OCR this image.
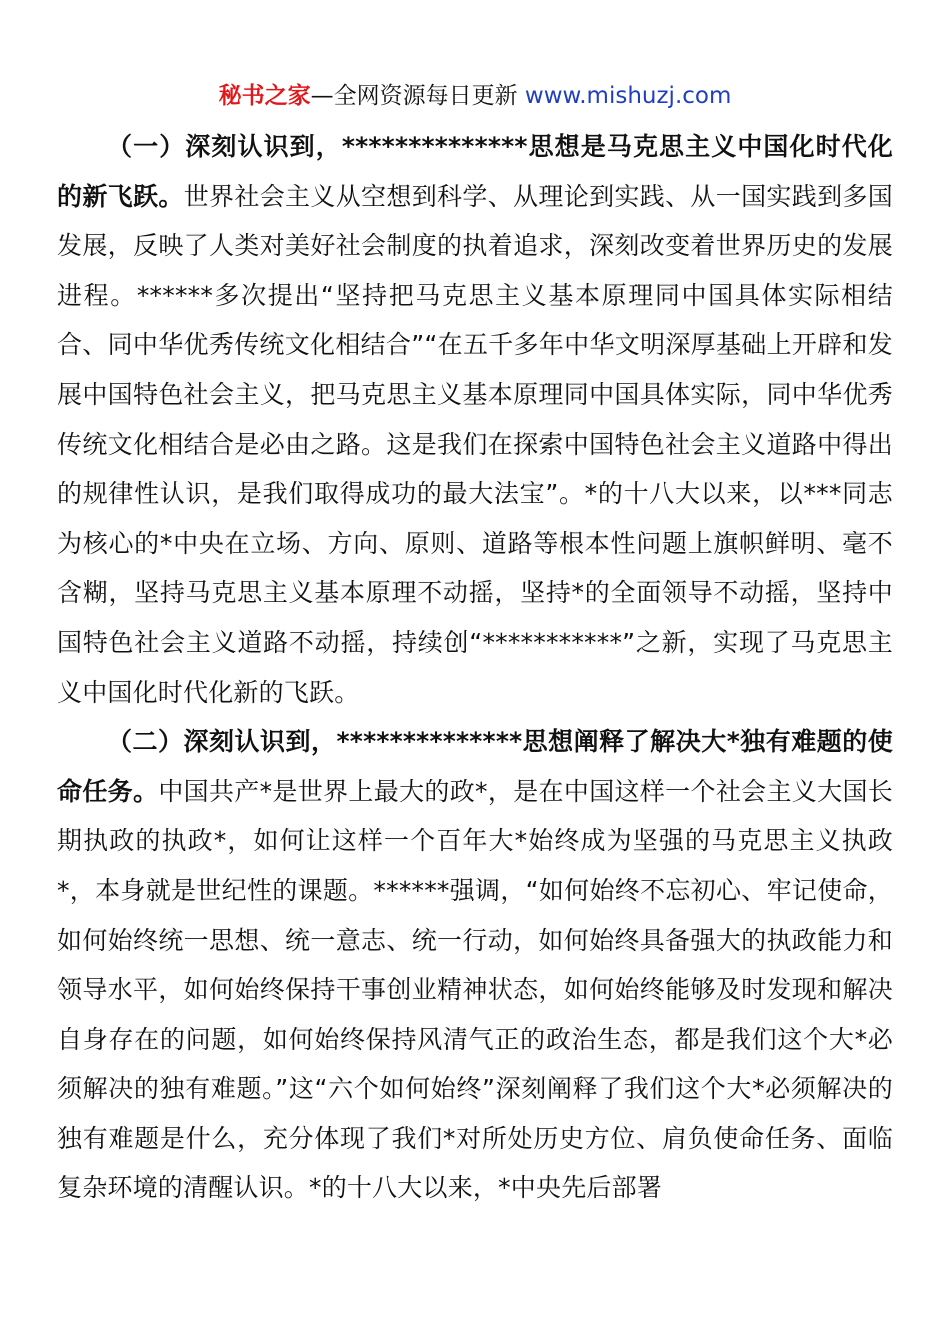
秘书之家—全网资源每日更新 www.mishuzj.com

（一）深刻认识到，**************思想是马克思主义中国化时代化的新飞跃。世界社会主义从空想到科学、从理论到实践、从一国实践到多国发展，反映了人类对美好社会制度的执着追求，深刻改变着世界历史的发展进程。******多次提出“坚持把马克思主义基本原理同中国具体实际相结合、同中华优秀传统文化相结合”“在五千多年中华文明深厚基础上开辟和发展中国特色社会主义，把马克思主义基本原理同中国具体实际，同中华优秀传统文化相结合是必由之路。这是我们在探索中国特色社会主义道路中得出的规律性认识，是我们取得成功的最大法宝”。*的十八大以来，以***同志为核心的*中央在立场、方向、原则、道路等根本性问题上旗帜鲜明、毫不含糊，坚持马克思主义基本原理不动摇，坚持*的全面领导不动摇，坚持中国特色社会主义道路不动摇，持续创“***********”之新，实现了马克思主义中国化时代化新的飞跃。

（二）深刻认识到，**************思想阐释了解决大*独有难题的使命任务。中国共产*是世界上最大的政*，是在中国这样一个社会主义大国长期执政的执政*，如何让这样一个百年大*始终成为坚强的马克思主义执政*，本身就是世纪性的课题。******强调，“如何始终不忘初心、牢记使命，如何始终统一思想、统一意志、统一行动，如何始终具备强大的执政能力和领导水平，如何始终保持干事创业精神状态，如何始终能够及时发现和解决自身存在的问题，如何始终保持风清气正的政治生态，都是我们这个大*必须解决的独有难题。”这“六个如何始终”深刻阐释了我们这个大*必须解决的独有难题是什么，充分体现了我们*对所处历史方位、肩负使命任务、面临复杂环境的清醒认识。*的十八大以来，*中央先后部署
